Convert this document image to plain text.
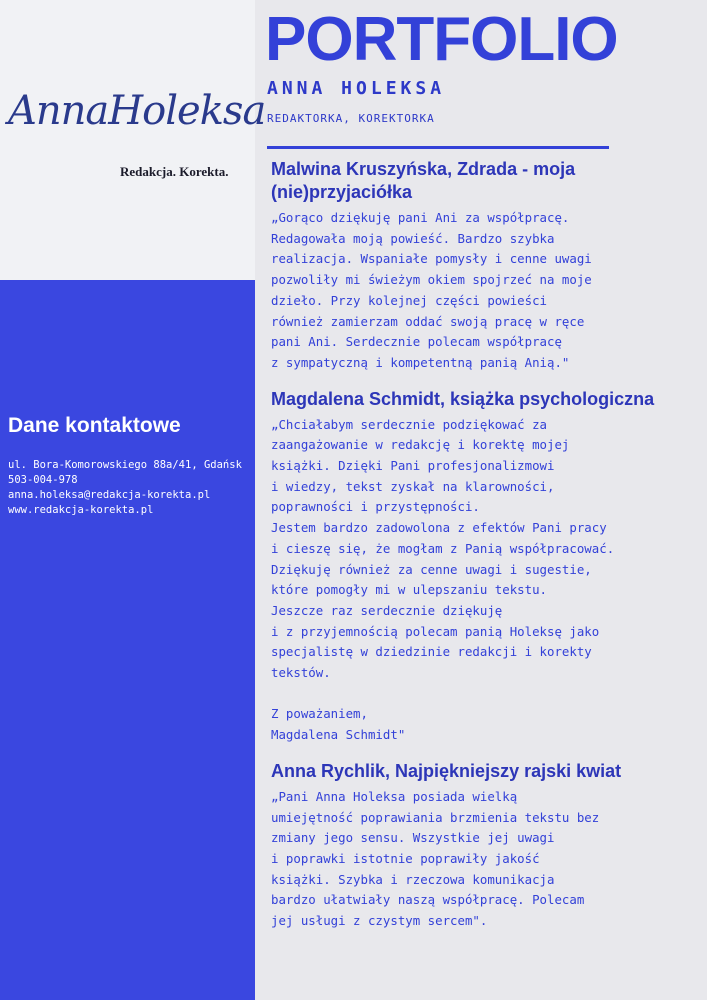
AnnaHoleksa
Redakcja. Korekta.
Dane kontaktowe
ul. Bora-Komorowskiego 88a/41, Gdańsk
503-004-978
anna.holeksa@redakcja-korekta.pl
www.redakcja-korekta.pl
PORTFOLIO
ANNA HOLEKSA
REDAKTORKA, KOREKTORKA

Malwina Kruszyńska, Zdrada - moja (nie)przyjaciółka

„Gorąco dziękuję pani Ani za współpracę.
Redagowała moją powieść. Bardzo szybka
realizacja. Wspaniałe pomysły i cenne uwagi
pozwoliły mi świeżym okiem spojrzeć na moje
dzieło. Przy kolejnej części powieści
również zamierzam oddać swoją pracę w ręce
pani Ani. Serdecznie polecam współpracę
z sympatyczną i kompetentną panią Anią."

Magdalena Schmidt, książka psychologiczna

„Chciałabym serdecznie podziękować za
zaangażowanie w redakcję i korektę mojej
książki. Dzięki Pani profesjonalizmowi
i wiedzy, tekst zyskał na klarowności,
poprawności i przystępności.
Jestem bardzo zadowolona z efektów Pani pracy
i cieszę się, że mogłam z Panią współpracować.
Dziękuję również za cenne uwagi i sugestie,
które pomogły mi w ulepszaniu tekstu.
Jeszcze raz serdecznie dziękuję
i z przyjemnością polecam panią Holeksę jako
specjalistę w dziedzinie redakcji i korekty
tekstów.

Z poważaniem,
Magdalena Schmidt"

Anna Rychlik, Najpiękniejszy rajski kwiat

„Pani Anna Holeksa posiada wielką
umiejętność poprawiania brzmienia tekstu bez
zmiany jego sensu. Wszystkie jej uwagi
i poprawki istotnie poprawiły jakość
książki. Szybka i rzeczowa komunikacja
bardzo ułatwiały naszą współpracę. Polecam
jej usługi z czystym sercem".
